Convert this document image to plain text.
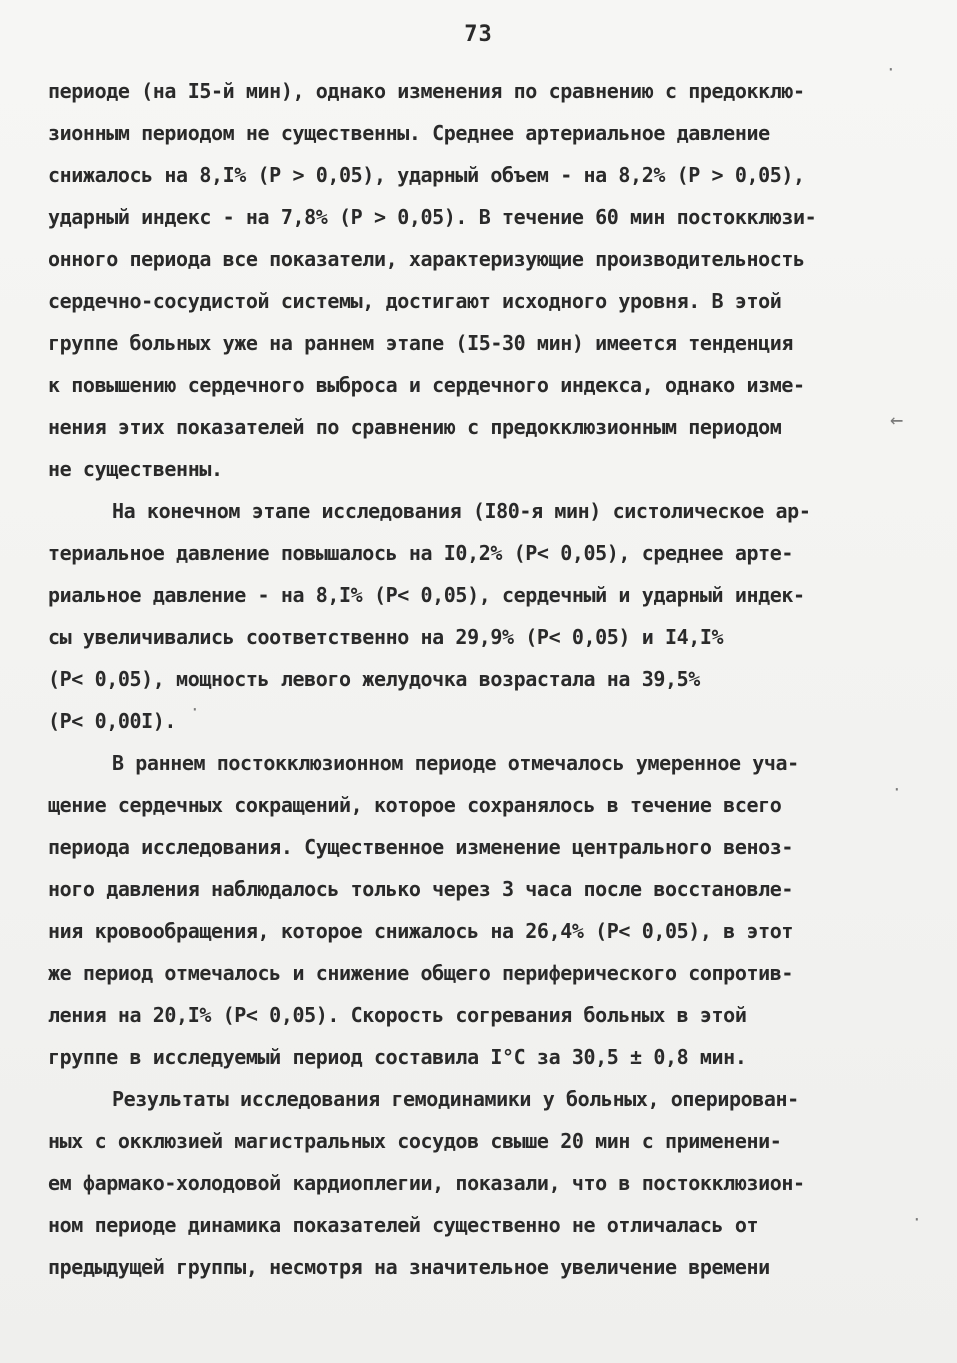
73
периоде (на I5-й мин), однако изменения по сравнению с предокклю-
зионным периодом не существенны. Среднее артериальное давление
снижалось на 8,I% (P > 0,05), ударный объем - на 8,2% (P > 0,05),
ударный индекс - на 7,8% (P > 0,05). В течение 60 мин постокклюзи-
онного периода все показатели, характеризующие производительность
сердечно-сосудистой системы, достигают исходного уровня. В этой
группе больных уже на раннем этапе (I5-30 мин) имеется тенденция
к повышению сердечного выброса и сердечного индекса, однако изме-
нения этих показателей по сравнению с предокклюзионным периодом
не существенны.
На конечном этапе исследования (I80-я мин) систолическое ар-
териальное давление повышалось на I0,2% (P< 0,05), среднее арте-
риальное давление - на 8,I% (P< 0,05), сердечный и ударный индек-
сы увеличивались соответственно на 29,9% (P< 0,05) и I4,I%
(P< 0,05), мощность левого желудочка возрастала на 39,5%
(P< 0,00I).
В раннем постокклюзионном периоде отмечалось умеренное уча-
щение сердечных сокращений, которое сохранялось в течение всего
периода исследования. Существенное изменение центрального веноз-
ного давления наблюдалось только через 3 часа после восстановле-
ния кровообращения, которое снижалось на 26,4% (P< 0,05), в этот
же период отмечалось и снижение общего периферического сопротив-
ления на 20,I% (P< 0,05). Скорость согревания больных в этой
группе в исследуемый период составила I°C за 30,5 ± 0,8 мин.
Результаты исследования гемодинамики у больных, оперирован-
ных с окклюзией магистральных сосудов свыше 20 мин с применени-
ем фармако-холодовой кардиоплегии, показали, что в постокклюзион-
ном периоде динамика показателей существенно не отличалась от
предыдущей группы, несмотря на значительное увеличение времени
·
←
·
·
·
